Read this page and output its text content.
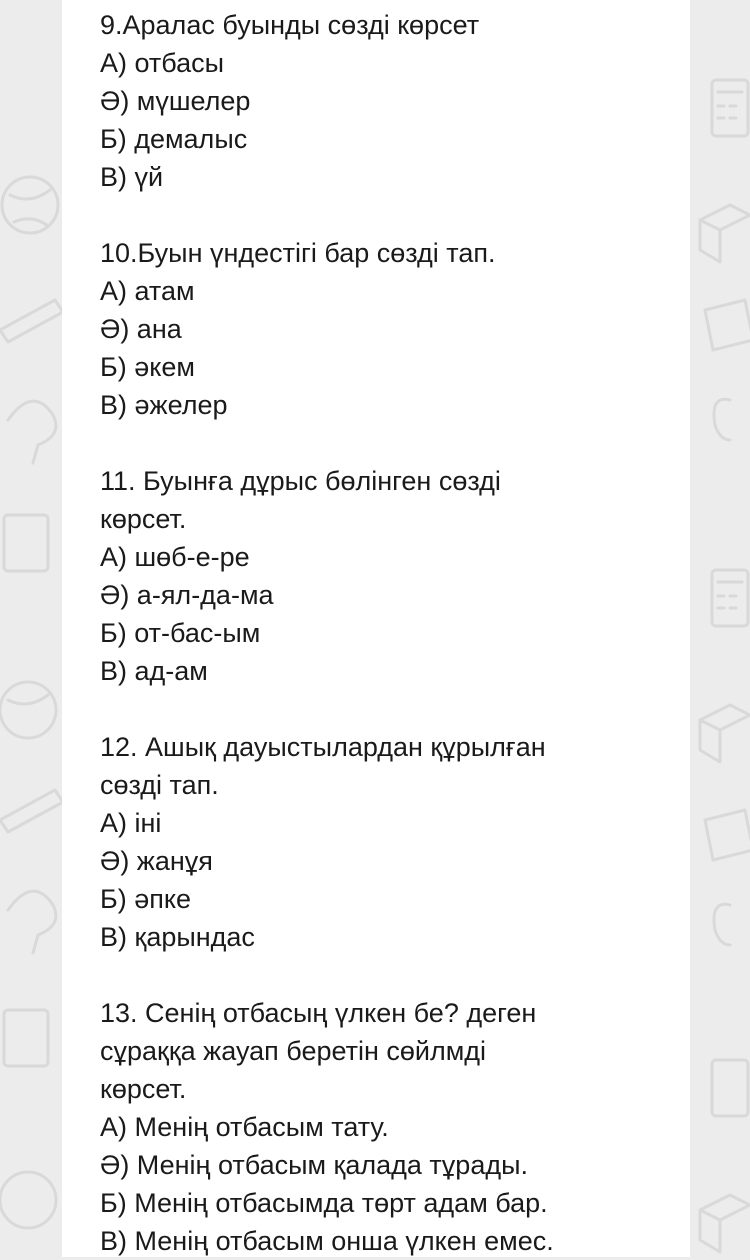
9.Аралас буынды сөзді көрсет
А) отбасы
Ә) мүшелер
Б) демалыс
В) үй
10.Буын үндестігі бар сөзді тап.
А) атам
Ә) ана
Б) әкем
В) әжелер
11. Буынға дұрыс бөлінген сөзді
көрсет.
А) шөб-е-ре
Ә) а-ял-да-ма
Б) от-бас-ым
В) ад-ам
12. Ашық дауыстылардан құрылған
сөзді тап.
А) іні
Ә) жанұя
Б) әпке
В) қарындас
13. Сенің отбасың үлкен бе? деген
сұраққа жауап беретін сөйлмді
көрсет.
А) Менің отбасым тату.
Ә) Менің отбасым қалада тұрады.
Б) Менің отбасымда төрт адам бар.
В) Менің отбасым онша үлкен емес.
